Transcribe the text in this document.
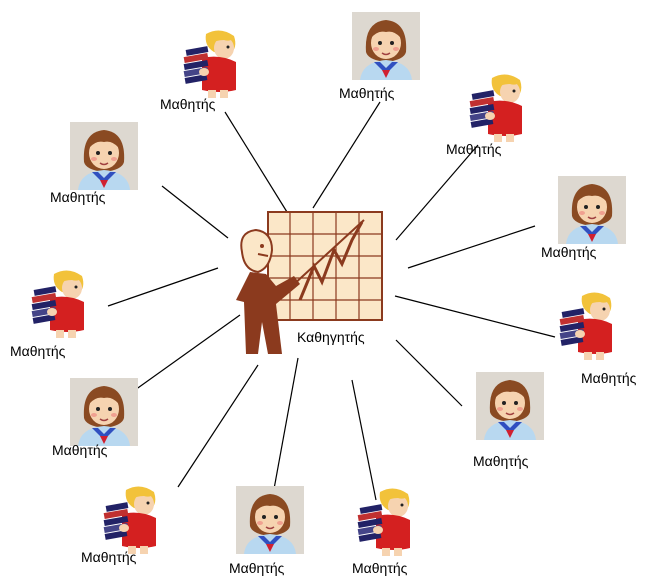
Καθηγητής
Μαθητής
Μαθητής
Μαθητής
Μαθητής
Μαθητής
Μαθητής
Μαθητής
Μαθητής
Μαθητής
Μαθητής
Μαθητής	Μαθητής
